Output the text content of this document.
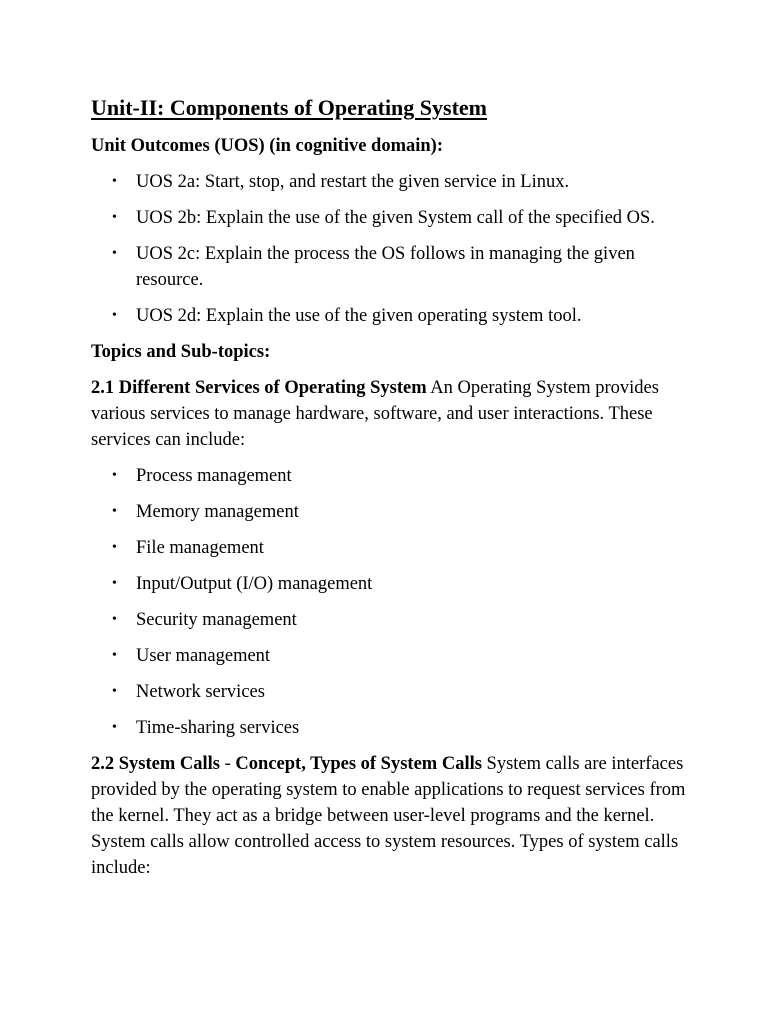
Unit-II: Components of Operating System
Unit Outcomes (UOS) (in cognitive domain):
• UOS 2a: Start, stop, and restart the given service in Linux.
• UOS 2b: Explain the use of the given System call of the specified OS.
• UOS 2c: Explain the process the OS follows in managing the given resource.
• UOS 2d: Explain the use of the given operating system tool.
Topics and Sub-topics:

2.1 Different Services of Operating System An Operating System provides various services to manage hardware, software, and user interactions. These services can include:

• Process management
• Memory management
• File management
• Input/Output (I/O) management
• Security management
• User management
• Network services
• Time-sharing services

2.2 System Calls - Concept, Types of System Calls System calls are interfaces provided by the operating system to enable applications to request services from the kernel. They act as a bridge between user-level programs and the kernel. System calls allow controlled access to system resources. Types of system calls include:
